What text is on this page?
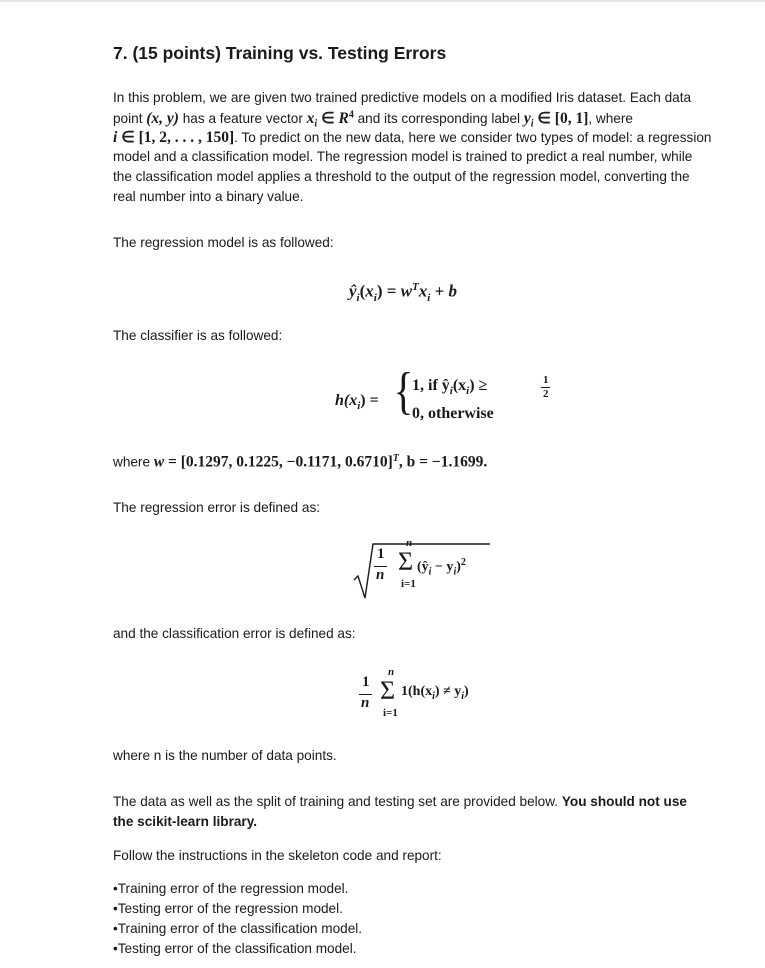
7. (15 points) Training vs. Testing Errors
In this problem, we are given two trained predictive models on a modified Iris dataset. Each data
point (x, y) has a feature vector $x_i$ ∈ $R^4$ and its corresponding label $y_i$ ∈ [0, 1], where
i ∈ [1, 2, . . . , 150]. To predict on the new data, here we consider two types of model: a regression
model and a classification model. The regression model is trained to predict a real number, while
the classification model applies a threshold to the output of the regression model, converting the
real number into a binary value.
The regression model is as followed:
$ŷ_i(x_i) = w^Tx_i + b$
The classifier is as followed:
$h(x_i)$ = {
1, if $ŷ_i(x_i)$ ≥	1
2
0, otherwise
where w = [0.1297, 0.1225, −0.1171, 0.6710]$^T$, b = −1.1699.
The regression error is defined as:
1
n
n
Σ
i=1
$(ŷ_i - y_i)^2$
and the classification error is defined as:
1
n
n
Σ
i=1
$1(h(x_i) \ne y_i)$
where n is the number of data points.
The data as well as the split of training and testing set are provided below. You should not use
the scikit-learn library.
Follow the instructions in the skeleton code and report:
•Training error of the regression model.
•Testing error of the regression model.
•Training error of the classification model.
•Testing error of the classification model.
